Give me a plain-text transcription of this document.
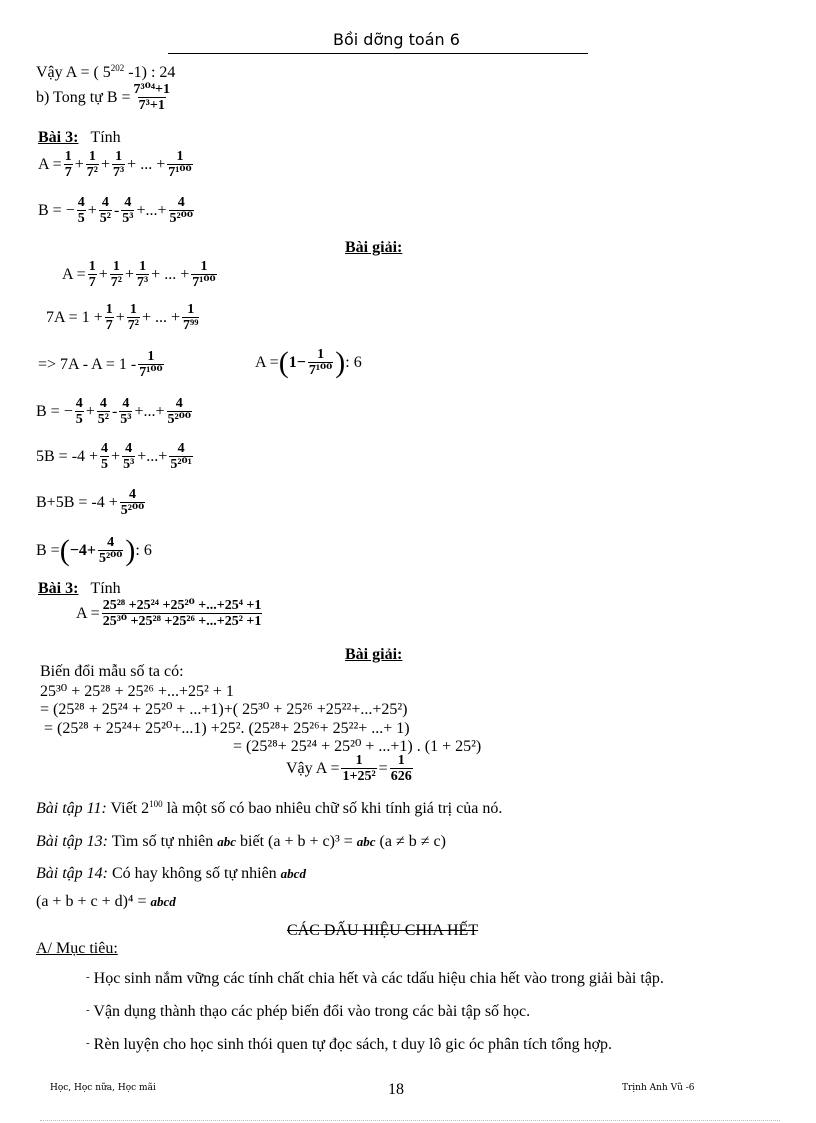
Bồi dỡng toán 6
Vậy A = ( $5^{202}$ -1) : 24
b) Tong tự $B = \frac{\text{7³⁰⁴+1}}{\text{7³+1}}$
Bài 3: Tính
$A = \frac{1}{7} + \frac{1}{\text{7²}} + \frac{1}{\text{7³}}$ + ... + $\frac{1}{\text{7¹⁰⁰}}$
B = − $\frac{4}{5} + \frac{4}{\text{5²}} - \frac{4}{\text{5³}}$ +...+ $\frac{4}{\text{5²⁰⁰}}$
Bài giải:
$A = \frac{1}{7} + \frac{1}{\text{7²}} + \frac{1}{\text{7³}}$ + ... + $\frac{1}{\text{7¹⁰⁰}}$
$7A = 1 + \frac{1}{7} + \frac{1}{\text{7²}}$ + ... + $\frac{1}{\text{7⁹⁹}}$
=> $7A - A = 1 - \frac{1}{\text{7¹⁰⁰}}$	A = ( $1 - \frac{1}{\text{7¹⁰⁰}}$ ) : 6
B = − $\frac{4}{5} + \frac{4}{\text{5²}} - \frac{4}{\text{5³}}$ +...+ $\frac{4}{\text{5²⁰⁰}}$
$5B = -4 + \frac{4}{5} + \frac{4}{\text{5³}}$ +...+ $\frac{4}{\text{5²⁰¹}}$
$B+5B = -4 + \frac{4}{\text{5²⁰⁰}}$
B = ( $-4+ \frac{4}{\text{5²⁰⁰}}$ ) : 6
Bài 3: Tính
$A = \frac{\text{25²⁸ +25²⁴ +25²⁰ +...+25⁴ +1}}{\text{25³⁰ +25²⁸ +25²⁶ +...+25² +1}}$
Bài giải:
Biến đổi mẫu số ta có:
25³⁰ + 25²⁸ + 25²⁶ +...+25² + 1
= (25²⁸ + 25²⁴ + 25²⁰ + ...+1)+( 25³⁰ + 25²⁶ +25²²+...+25²)
= (25²⁸ + 25²⁴+ 25²⁰+...1) +25². (25²⁸+ 25²⁶+ 25²²+ ...+ 1)
= (25²⁸+ 25²⁴ + 25²⁰ + ...+1) . (1 + 25²)
Vậy $A = \frac{1}{\text{1+25²}} = \frac{1}{626}$
Bài tập 11: Viết $2^{100}$ là một số có bao nhiêu chữ số khi tính giá trị của nó.
Bài tập 13: Tìm số tự nhiên abc biết (a + b + c)³ = abc (a ≠ b ≠ c)
Bài tập 14: Có hay không số tự nhiên abcd
(a + b + c + d)⁴ = abcd
CÁC DẤU HIỆU CHIA HẾT
A/ Mục tiêu:
- Học sinh nắm vững các tính chất chia hết và các tdấu hiệu chia hết vào trong giải bài tập.
- Vận dụng thành thạo các phép biến đổi vào trong các bài tập số học.
- Rèn luyện cho học sinh thói quen tự đọc sách, t duy lô gic óc phân tích tổng hợp.
Học, Học nữa, Học mãi	18	Trịnh Anh Vũ -6
